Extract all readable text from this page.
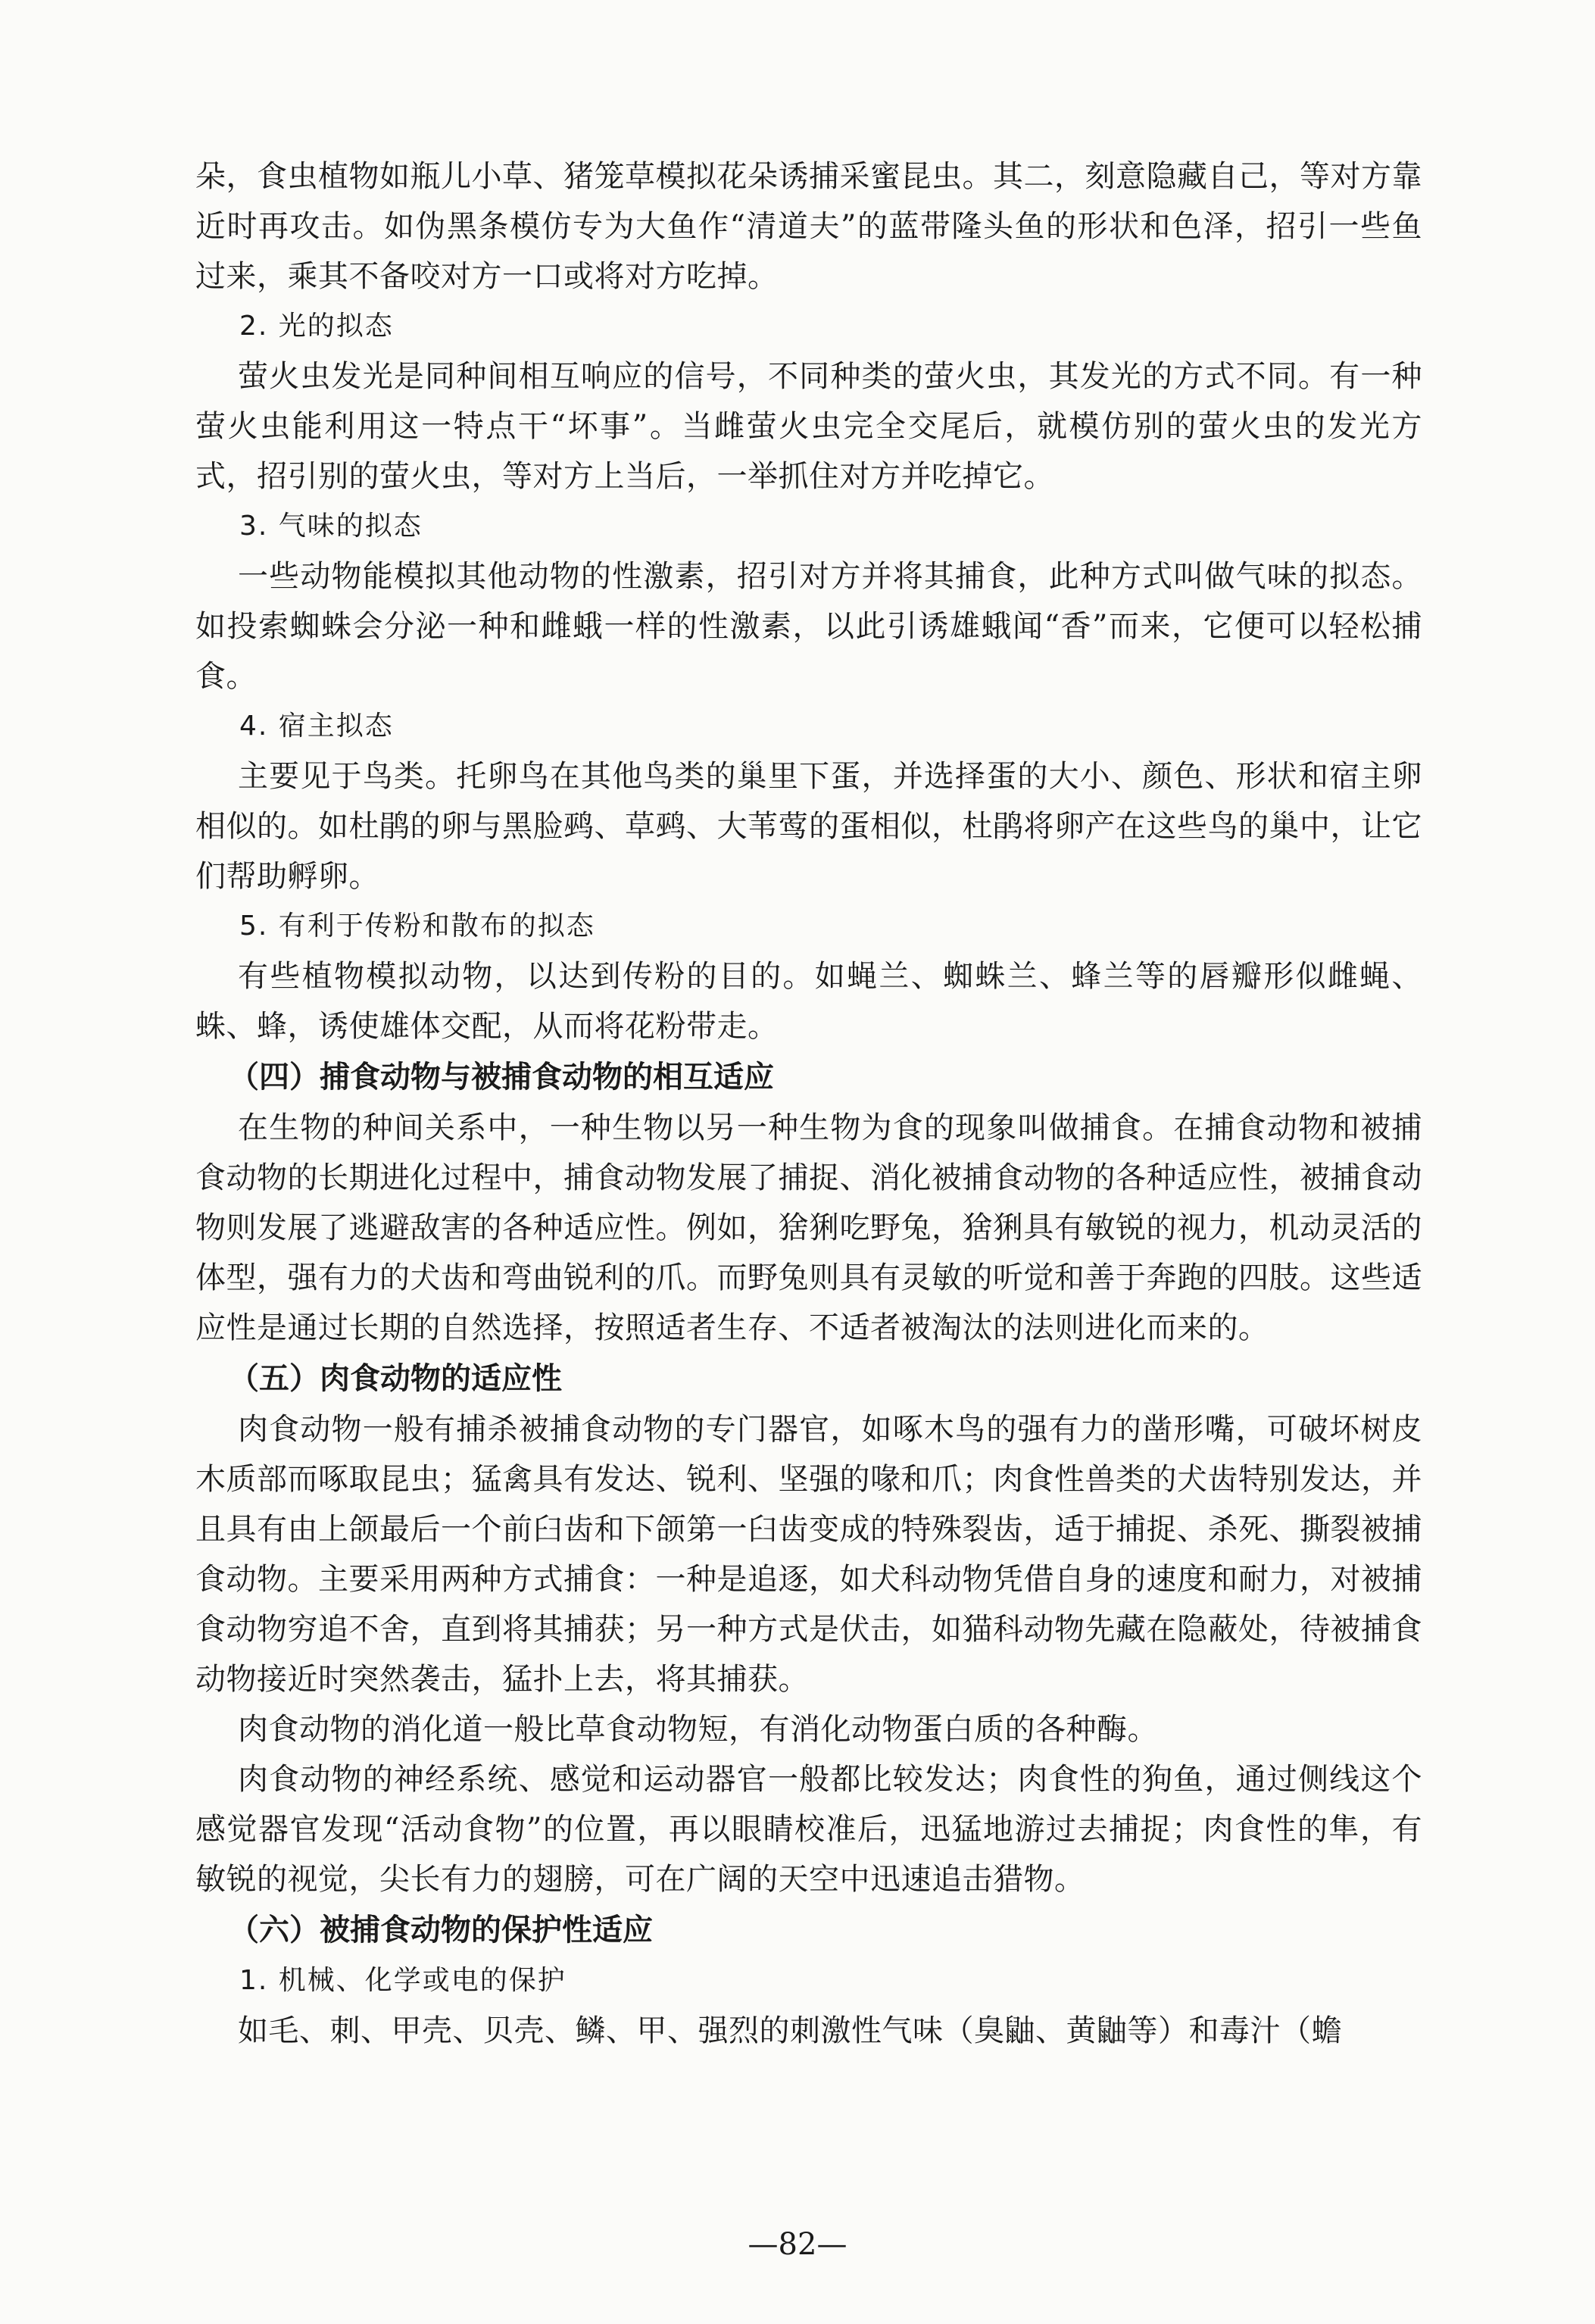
朵，食虫植物如瓶儿小草、猪笼草模拟花朵诱捕采蜜昆虫。其二，刻意隐藏自己，等对方靠近时再攻击。如伪黑条模仿专为大鱼作“清道夫”的蓝带隆头鱼的形状和色泽，招引一些鱼过来，乘其不备咬对方一口或将对方吃掉。

2. 光的拟态

萤火虫发光是同种间相互响应的信号，不同种类的萤火虫，其发光的方式不同。有一种萤火虫能利用这一特点干“坏事”。当雌萤火虫完全交尾后，就模仿别的萤火虫的发光方式，招引别的萤火虫，等对方上当后，一举抓住对方并吃掉它。

3. 气味的拟态

一些动物能模拟其他动物的性激素，招引对方并将其捕食，此种方式叫做气味的拟态。如投索蜘蛛会分泌一种和雌蛾一样的性激素，以此引诱雄蛾闻“香”而来，它便可以轻松捕食。

4. 宿主拟态

主要见于鸟类。托卵鸟在其他鸟类的巢里下蛋，并选择蛋的大小、颜色、形状和宿主卵相似的。如杜鹃的卵与黑脸鹀、草鹀、大苇莺的蛋相似，杜鹃将卵产在这些鸟的巢中，让它们帮助孵卵。

5. 有利于传粉和散布的拟态

有些植物模拟动物，以达到传粉的目的。如蝇兰、蜘蛛兰、蜂兰等的唇瓣形似雌蝇、蛛、蜂，诱使雄体交配，从而将花粉带走。

（四）捕食动物与被捕食动物的相互适应

在生物的种间关系中，一种生物以另一种生物为食的现象叫做捕食。在捕食动物和被捕食动物的长期进化过程中，捕食动物发展了捕捉、消化被捕食动物的各种适应性，被捕食动物则发展了逃避敌害的各种适应性。例如，猞猁吃野兔，猞猁具有敏锐的视力，机动灵活的体型，强有力的犬齿和弯曲锐利的爪。而野兔则具有灵敏的听觉和善于奔跑的四肢。这些适应性是通过长期的自然选择，按照适者生存、不适者被淘汰的法则进化而来的。

（五）肉食动物的适应性

肉食动物一般有捕杀被捕食动物的专门器官，如啄木鸟的强有力的凿形嘴，可破坏树皮木质部而啄取昆虫；猛禽具有发达、锐利、坚强的喙和爪；肉食性兽类的犬齿特别发达，并且具有由上颌最后一个前臼齿和下颌第一臼齿变成的特殊裂齿，适于捕捉、杀死、撕裂被捕食动物。主要采用两种方式捕食：一种是追逐，如犬科动物凭借自身的速度和耐力，对被捕食动物穷追不舍，直到将其捕获；另一种方式是伏击，如猫科动物先藏在隐蔽处，待被捕食动物接近时突然袭击，猛扑上去，将其捕获。

肉食动物的消化道一般比草食动物短，有消化动物蛋白质的各种酶。

肉食动物的神经系统、感觉和运动器官一般都比较发达；肉食性的狗鱼，通过侧线这个感觉器官发现“活动食物”的位置，再以眼睛校准后，迅猛地游过去捕捉；肉食性的隼，有敏锐的视觉，尖长有力的翅膀，可在广阔的天空中迅速追击猎物。

（六）被捕食动物的保护性适应

1. 机械、化学或电的保护

如毛、刺、甲壳、贝壳、鳞、甲、强烈的刺激性气味（臭鼬、黄鼬等）和毒汁（蟾

—82—
